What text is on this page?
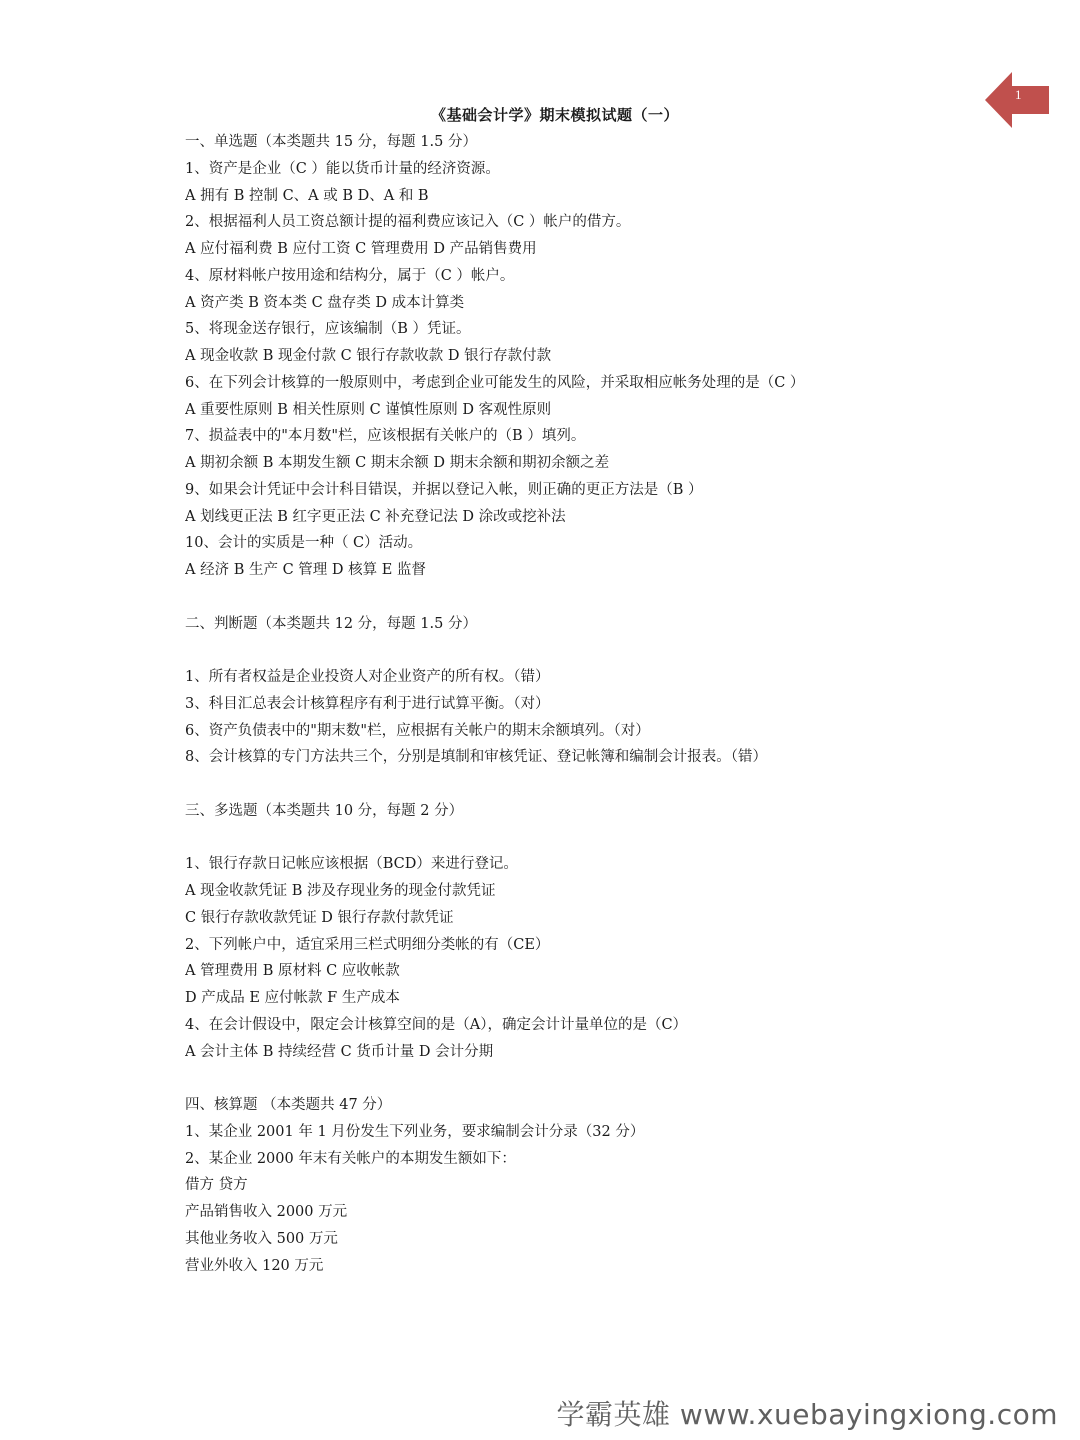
1
《基础会计学》期末模拟试题（一）
一、单选题（本类题共 15 分，每题 1.5 分）
1、资产是企业（C ）能以货币计量的经济资源。
A 拥有 B 控制 C、A 或 B D、A 和 B
2、根据福利人员工资总额计提的福利费应该记入（C ）帐户的借方。
A 应付福利费 B 应付工资 C 管理费用 D 产品销售费用
4、原材料帐户按用途和结构分，属于（C ）帐户。
A 资产类 B 资本类 C 盘存类 D 成本计算类
5、将现金送存银行，应该编制（B ）凭证。
A 现金收款 B 现金付款 C 银行存款收款 D 银行存款付款
6、在下列会计核算的一般原则中，考虑到企业可能发生的风险，并采取相应帐务处理的是（C ）
A 重要性原则 B 相关性原则 C 谨慎性原则 D 客观性原则
7、损益表中的"本月数"栏，应该根据有关帐户的（B ）填列。
A 期初余额 B 本期发生额 C 期末余额 D 期末余额和期初余额之差
9、如果会计凭证中会计科目错误，并据以登记入帐，则正确的更正方法是（B ）
A 划线更正法 B 红字更正法 C 补充登记法 D 涂改或挖补法
10、会计的实质是一种（ C）活动。
A 经济 B 生产 C 管理 D 核算 E 监督
二、判断题（本类题共 12 分，每题 1.5 分）
1、所有者权益是企业投资人对企业资产的所有权。（错）
3、科目汇总表会计核算程序有利于进行试算平衡。（对）
6、资产负债表中的"期末数"栏，应根据有关帐户的期末余额填列。（对）
8、会计核算的专门方法共三个，分别是填制和审核凭证、登记帐簿和编制会计报表。（错）
三、多选题（本类题共 10 分，每题 2 分）
1、银行存款日记帐应该根据（BCD）来进行登记。
A 现金收款凭证 B 涉及存现业务的现金付款凭证
C 银行存款收款凭证 D 银行存款付款凭证
2、下列帐户中，适宜采用三栏式明细分类帐的有（CE）
A 管理费用 B 原材料 C 应收帐款
D 产成品 E 应付帐款 F 生产成本
4、在会计假设中，限定会计核算空间的是（A），确定会计计量单位的是（C）
A 会计主体 B 持续经营 C 货币计量 D 会计分期
四、核算题 （本类题共 47 分）
1、某企业 2001 年 1 月份发生下列业务，要求编制会计分录（32 分）
2、某企业 2000 年末有关帐户的本期发生额如下：
借方 贷方
产品销售收入 2000 万元
其他业务收入 500 万元
营业外收入 120 万元
学霸英雄 www.xuebayingxiong.com
